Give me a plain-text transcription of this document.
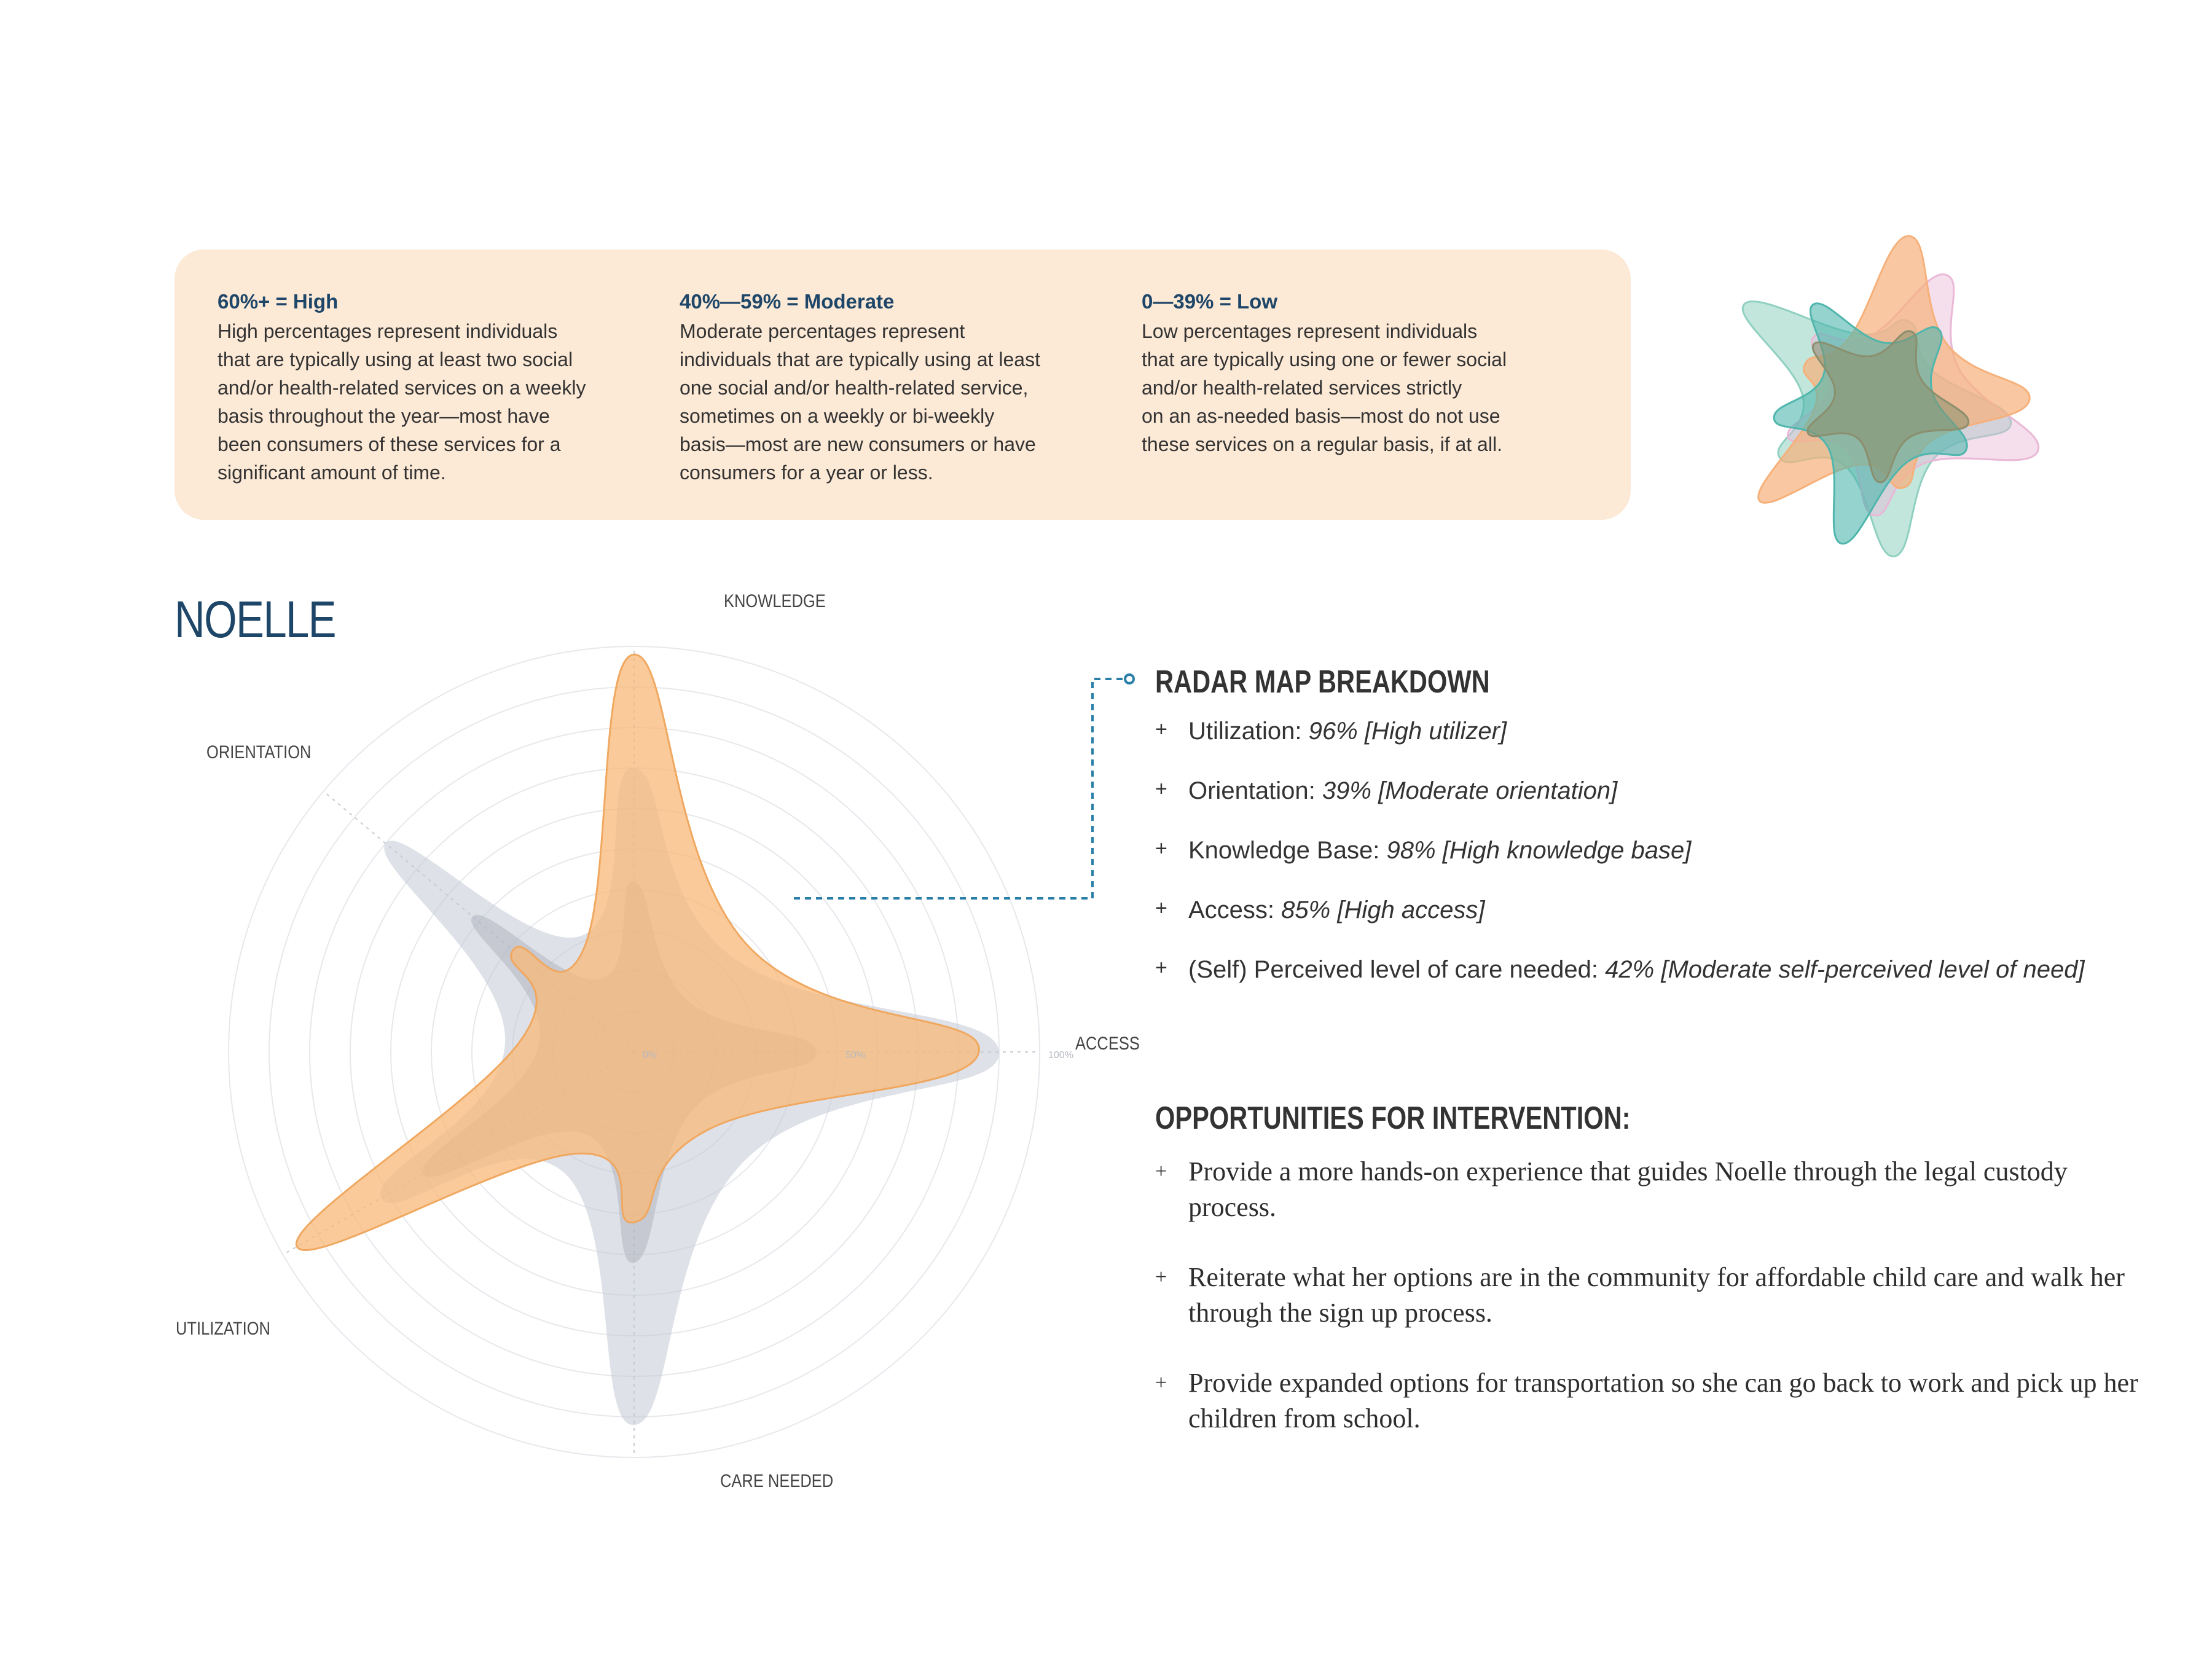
60%+ = High

High percentages represent individuals
that are typically using at least two social
and/or health-related services on a weekly
basis throughout the year—most have
been consumers of these services for a
significant amount of time.

40%—59% = Moderate

Moderate percentages represent
individuals that are typically using at least
one social and/or health-related service,
sometimes on a weekly or bi-weekly
basis—most are new consumers or have
consumers for a year or less.

0—39% = Low

Low percentages represent individuals
that are typically using one or fewer social
and/or health-related services strictly
on an as-needed basis—most do not use
these services on a regular basis, if at all.

NOELLE
0%	50%	100%
KNOWLEDGE
ACCESS
CARE NEEDED
UTILIZATION
ORIENTATION
RADAR MAP BREAKDOWN
+ Utilization: 96% [High utilizer]
+ Orientation: 39% [Moderate orientation]
+ Knowledge Base: 98% [High knowledge base]
+ Access: 85% [High access]
+ (Self) Perceived level of care needed: 42% [Moderate self-perceived level of need]
OPPORTUNITIES FOR INTERVENTION:
+ Provide a more hands-on experience that guides Noelle through the legal custody process.
+ Reiterate what her options are in the community for affordable child care and walk her through the sign up process.
+ Provide expanded options for transportation so she can go back to work and pick up her children from school.
